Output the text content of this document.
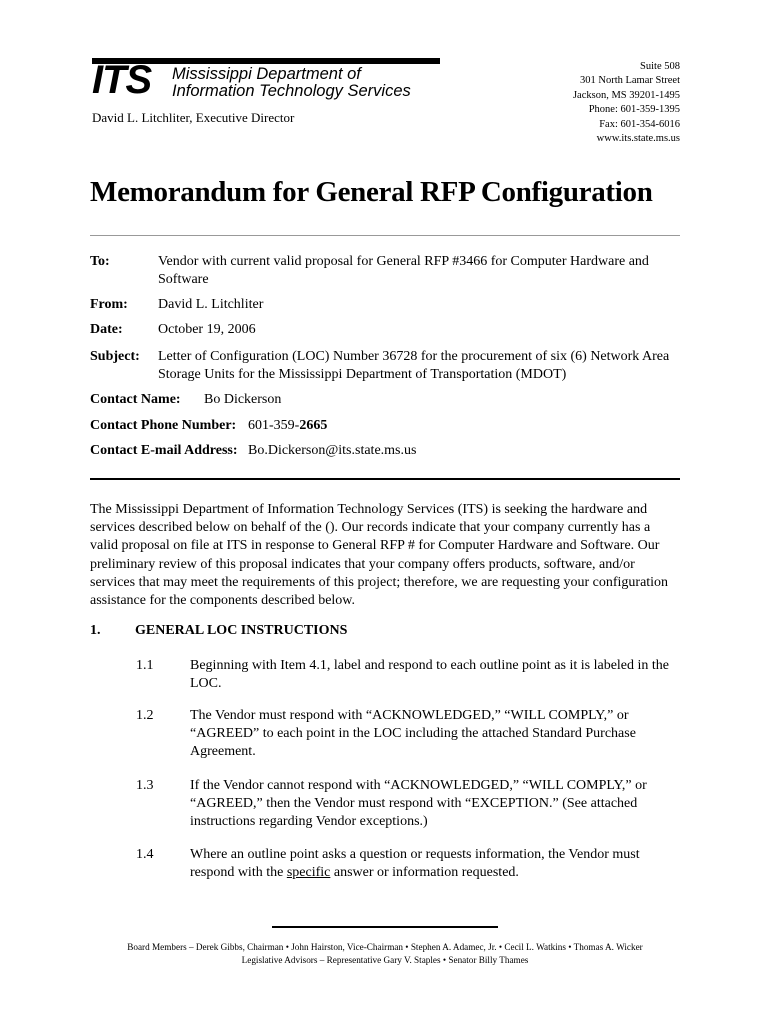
ITS Mississippi Department of
Information Technology Services
David L. Litchliter, Executive Director
Suite 508
301 North Lamar Street
Jackson, MS 39201-1495
Phone: 601-359-1395
Fax: 601-354-6016
www.its.state.ms.us
Memorandum for General RFP Configuration
To:	Vendor with current valid proposal for General RFP #3466 for Computer Hardware and Software
From: David L. Litchliter
Date:	October 19, 2006
Subject: Letter of Configuration (LOC) Number 36728 for the procurement of six (6) Network Area Storage Units for the Mississippi Department of Transportation (MDOT)
Contact Name: Bo Dickerson
Contact Phone Number: 601-359-2665
Contact E-mail Address: Bo.Dickerson@its.state.ms.us
The Mississippi Department of Information Technology Services (ITS) is seeking the hardware and services described below on behalf of the (). Our records indicate that your company currently has a valid proposal on file at ITS in response to General RFP # for Computer Hardware and Software. Our preliminary review of this proposal indicates that your company offers products, software, and/or services that may meet the requirements of this project; therefore, we are requesting your configuration assistance for the components described below.
1. GENERAL LOC INSTRUCTIONS
1.1	Beginning with Item 4.1, label and respond to each outline point as it is labeled in the LOC.
1.2	The Vendor must respond with “ACKNOWLEDGED,” “WILL COMPLY,” or “AGREED” to each point in the LOC including the attached Standard Purchase Agreement.
1.3	If the Vendor cannot respond with “ACKNOWLEDGED,” “WILL COMPLY,” or “AGREED,” then the Vendor must respond with “EXCEPTION.” (See attached instructions regarding Vendor exceptions.)
1.4	Where an outline point asks a question or requests information, the Vendor must respond with the specific answer or information requested.
Board Members – Derek Gibbs, Chairman • John Hairston, Vice-Chairman • Stephen A. Adamec, Jr. • Cecil L. Watkins • Thomas A. Wicker
Legislative Advisors – Representative Gary V. Staples • Senator Billy Thames
